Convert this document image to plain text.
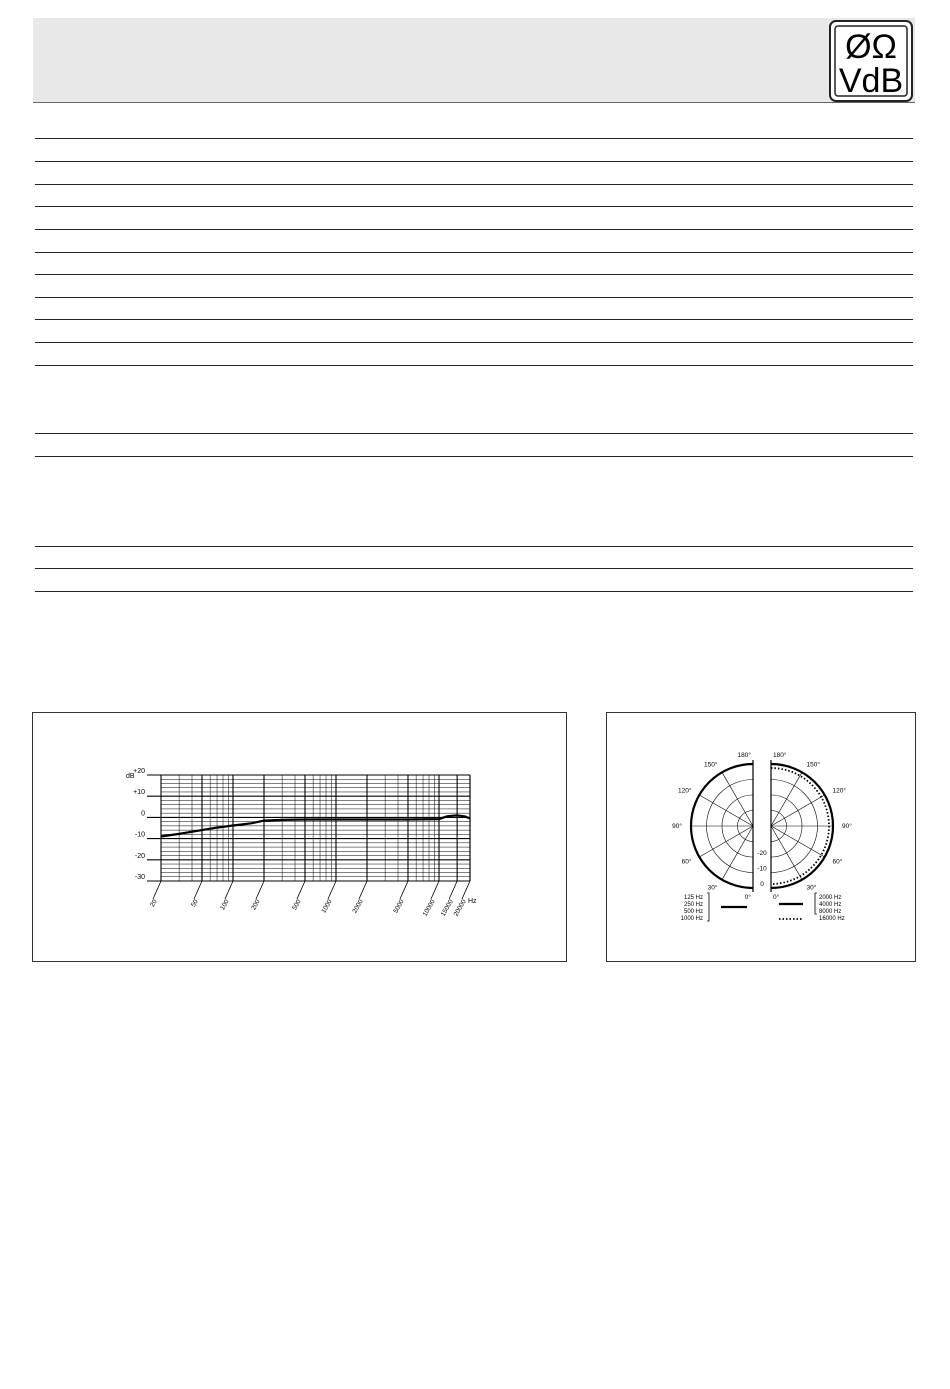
ØΩ
VdB
+20
+10
0
-10
-20
-30
20	50	100	200	500	1000	2000	5000 10000 15000
20000
dB
Hz
180°
150°
120°
90°
60°
30°
0°
180°
150°
120°
90°
60°
30°
0°
0
-10
-20
125 Hz
250 Hz
500 Hz
1000 Hz
2000 Hz
4000 Hz
8000 Hz
16000 Hz
